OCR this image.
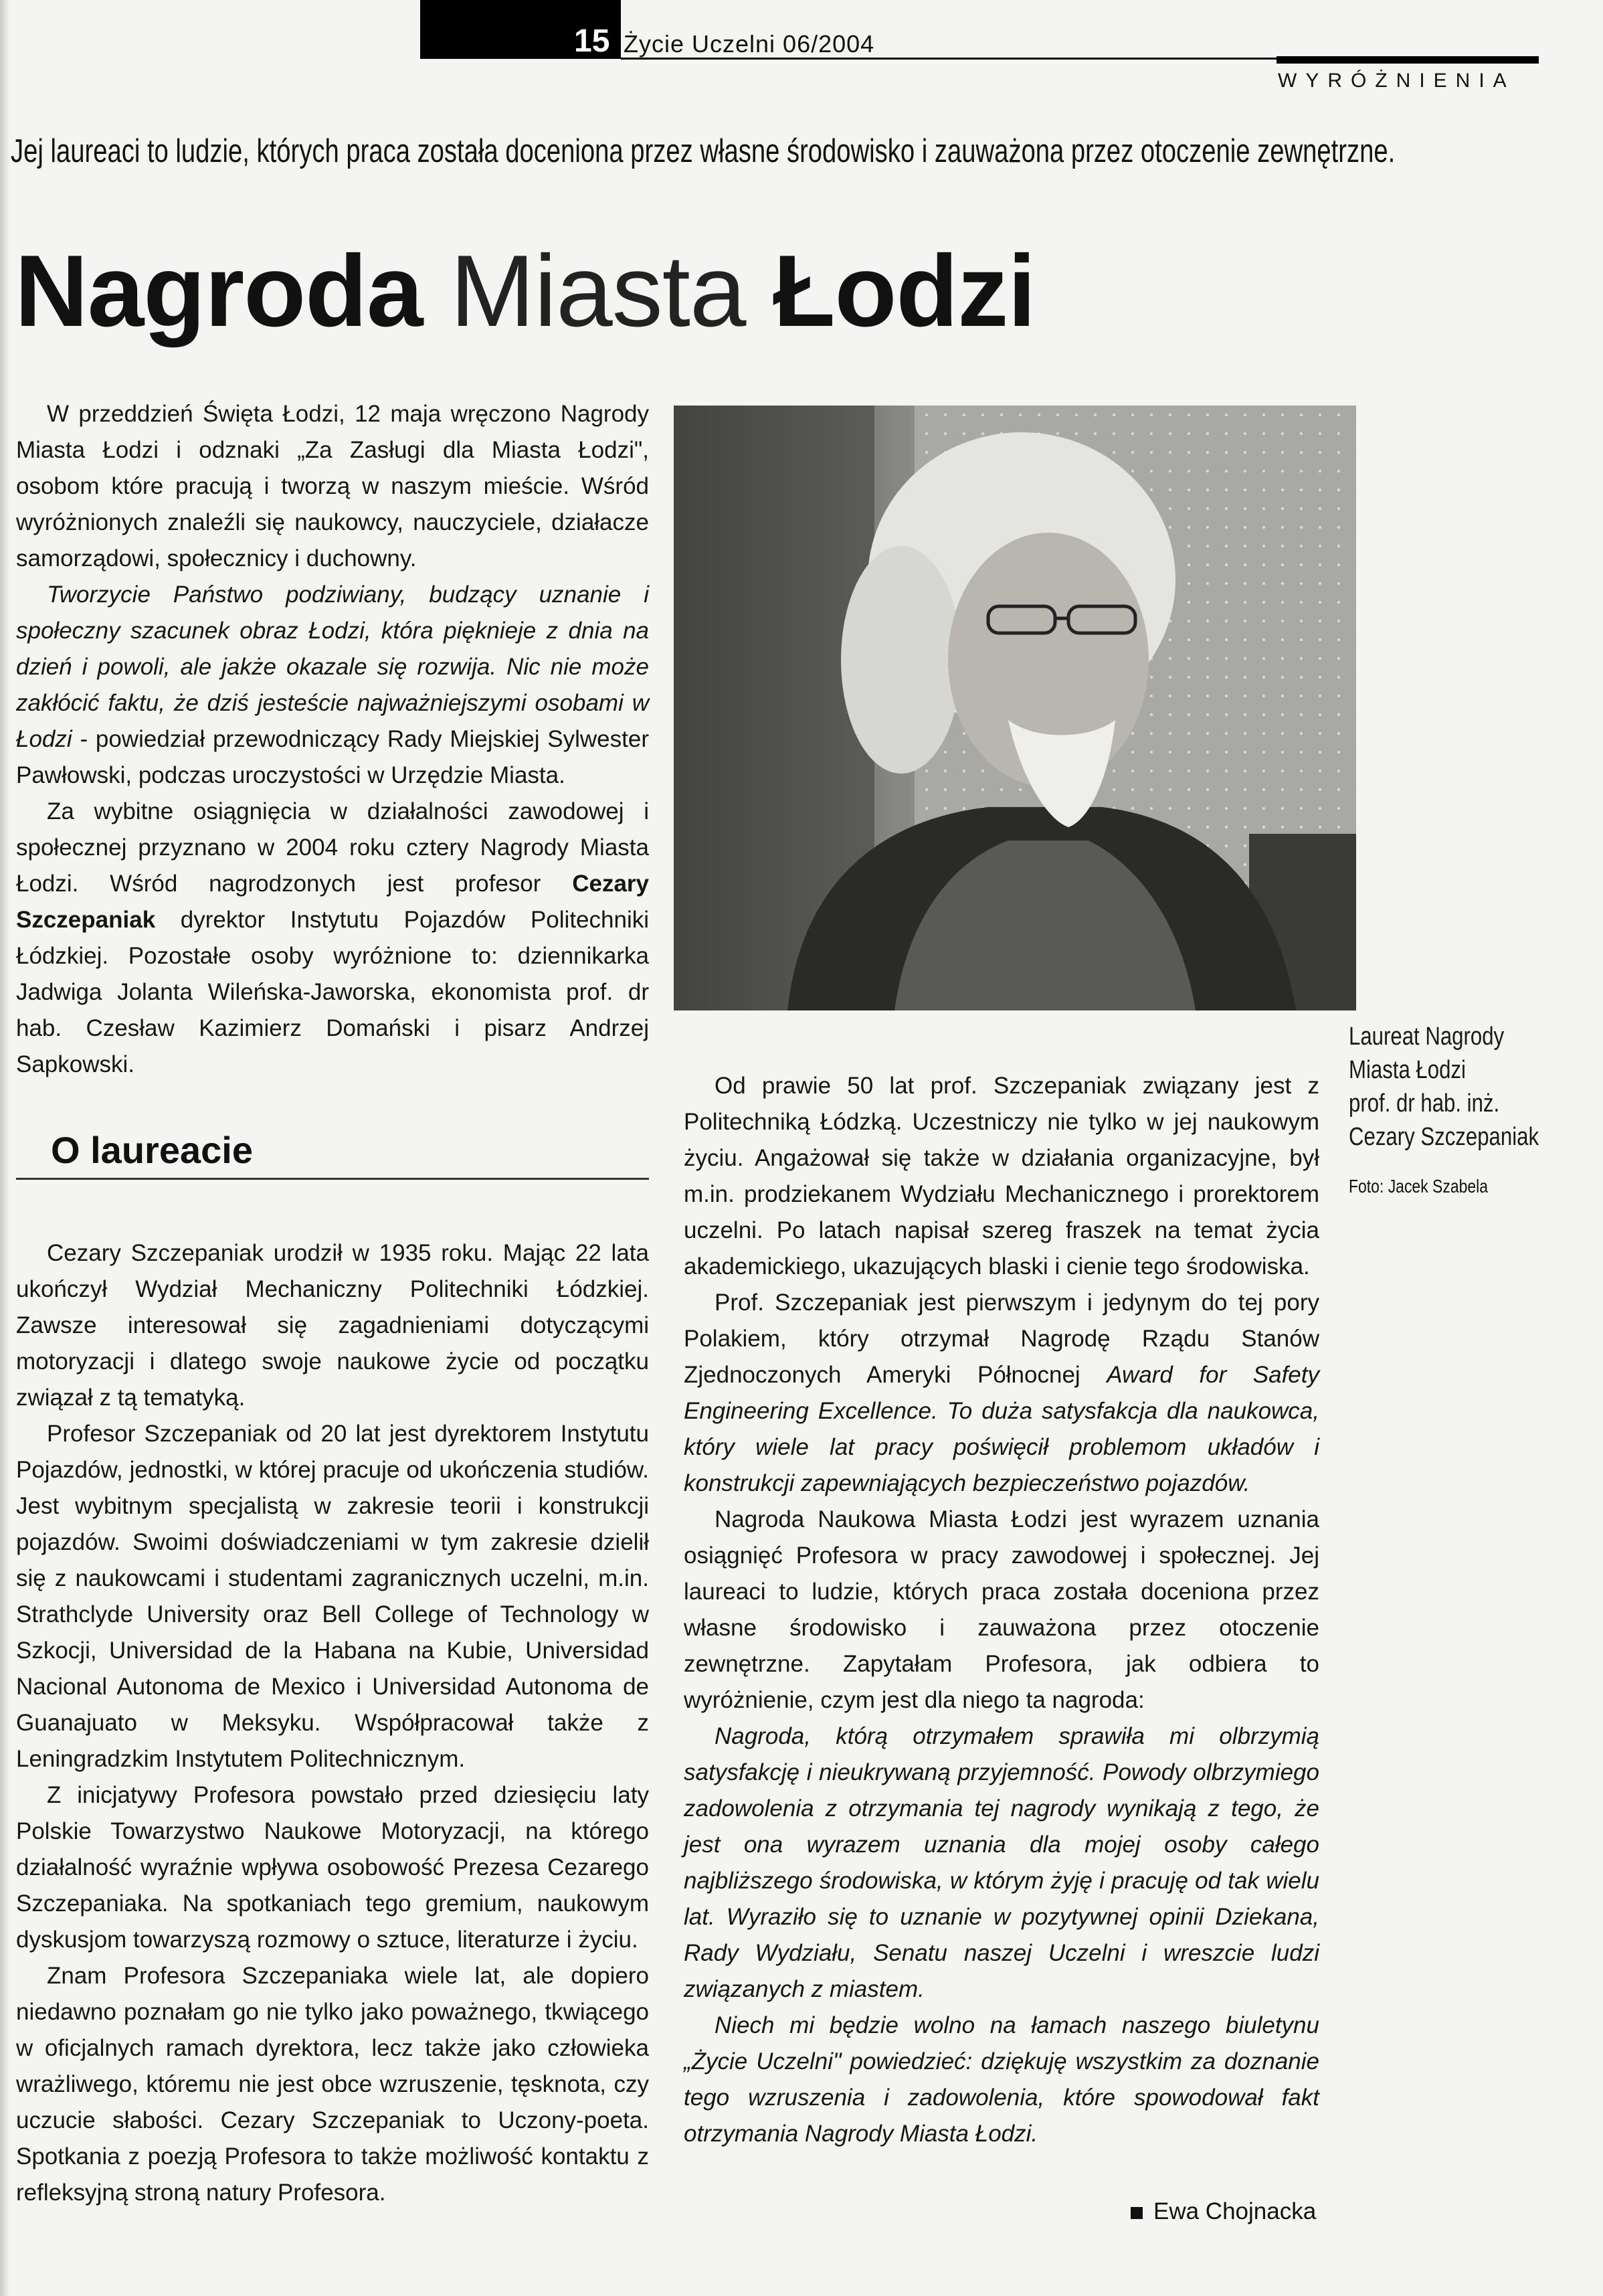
15 Życie Uczelni 06/2004
WYRÓŻNIENIA
Jej laureaci to ludzie, których praca została doceniona przez własne środowisko i zauważona przez otoczenie zewnętrzne.
Nagroda Miasta Łodzi

W przeddzień Święta Łodzi, 12 maja wręczono Nagrody Miasta Łodzi i odznaki „Za Zasługi dla Miasta Łodzi", osobom które pracują i tworzą w naszym mieście. Wśród wyróżnionych znaleźli się naukowcy, nauczyciele, działacze samorządowi, społecznicy i duchowny.

Tworzycie Państwo podziwiany, budzący uznanie i społeczny szacunek obraz Łodzi, która pięknieje z dnia na dzień i powoli, ale jakże okazale się rozwija. Nic nie może zakłócić faktu, że dziś jesteście najważniejszymi osobami w Łodzi - powiedział przewodniczący Rady Miejskiej Sylwester Pawłowski, podczas uroczystości w Urzędzie Miasta.

Za wybitne osiągnięcia w działalności zawodowej i społecznej przyznano w 2004 roku cztery Nagrody Miasta Łodzi. Wśród nagrodzonych jest profesor Cezary Szczepaniak dyrektor Instytutu Pojazdów Politechniki Łódzkiej. Pozostałe osoby wyróżnione to: dziennikarka Jadwiga Jolanta Wileńska-Jaworska, ekonomista prof. dr hab. Czesław Kazimierz Domański i pisarz Andrzej Sapkowski.

O laureacie

Cezary Szczepaniak urodził w 1935 roku. Mając 22 lata ukończył Wydział Mechaniczny Politechniki Łódzkiej. Zawsze interesował się zagadnieniami dotyczącymi motoryzacji i dlatego swoje naukowe życie od początku związał z tą tematyką.

Profesor Szczepaniak od 20 lat jest dyrektorem Instytutu Pojazdów, jednostki, w której pracuje od ukończenia studiów. Jest wybitnym specjalistą w zakresie teorii i konstrukcji pojazdów. Swoimi doświadczeniami w tym zakresie dzielił się z naukowcami i studentami zagranicznych uczelni, m.in. Strathclyde University oraz Bell College of Technology w Szkocji, Universidad de la Habana na Kubie, Universidad Nacional Autonoma de Mexico i Universidad Autonoma de Guanajuato w Meksyku. Współpracował także z Leningradzkim Instytutem Politechnicznym.

Z inicjatywy Profesora powstało przed dziesięciu laty Polskie Towarzystwo Naukowe Motoryzacji, na którego działalność wyraźnie wpływa osobowość Prezesa Cezarego Szczepaniaka. Na spotkaniach tego gremium, naukowym dyskusjom towarzyszą rozmowy o sztuce, literaturze i życiu.

Znam Profesora Szczepaniaka wiele lat, ale dopiero niedawno poznałam go nie tylko jako poważnego, tkwiącego w oficjalnych ramach dyrektora, lecz także jako człowieka wrażliwego, któremu nie jest obce wzruszenie, tęsknota, czy uczucie słabości. Cezary Szczepaniak to Uczony-poeta. Spotkania z poezją Profesora to także możliwość kontaktu z refleksyjną stroną natury Profesora.

Laureat Nagrody
Miasta Łodzi
prof. dr hab. inż.
Cezary Szczepaniak
Foto: Jacek Szabela

Od prawie 50 lat prof. Szczepaniak związany jest z Politechniką Łódzką. Uczestniczy nie tylko w jej naukowym życiu. Angażował się także w działania organizacyjne, był m.in. prodziekanem Wydziału Mechanicznego i prorektorem uczelni. Po latach napisał szereg fraszek na temat życia akademickiego, ukazujących blaski i cienie tego środowiska.

Prof. Szczepaniak jest pierwszym i jedynym do tej pory Polakiem, który otrzymał Nagrodę Rządu Stanów Zjednoczonych Ameryki Północnej Award for Safety Engineering Excellence. To duża satysfakcja dla naukowca, który wiele lat pracy poświęcił problemom układów i konstrukcji zapewniających bezpieczeństwo pojazdów.

Nagroda Naukowa Miasta Łodzi jest wyrazem uznania osiągnięć Profesora w pracy zawodowej i społecznej. Jej laureaci to ludzie, których praca została doceniona przez własne środowisko i zauważona przez otoczenie zewnętrzne. Zapytałam Profesora, jak odbiera to wyróżnienie, czym jest dla niego ta nagroda:

Nagroda, którą otrzymałem sprawiła mi olbrzymią satysfakcję i nieukrywaną przyjemność. Powody olbrzymiego zadowolenia z otrzymania tej nagrody wynikają z tego, że jest ona wyrazem uznania dla mojej osoby całego najbliższego środowiska, w którym żyję i pracuję od tak wielu lat. Wyraziło się to uznanie w pozytywnej opinii Dziekana, Rady Wydziału, Senatu naszej Uczelni i wreszcie ludzi związanych z miastem.

Niech mi będzie wolno na łamach naszego biuletynu „Życie Uczelni" powiedzieć: dziękuję wszystkim za doznanie tego wzruszenia i zadowolenia, które spowodował fakt otrzymania Nagrody Miasta Łodzi.

Ewa Chojnacka
